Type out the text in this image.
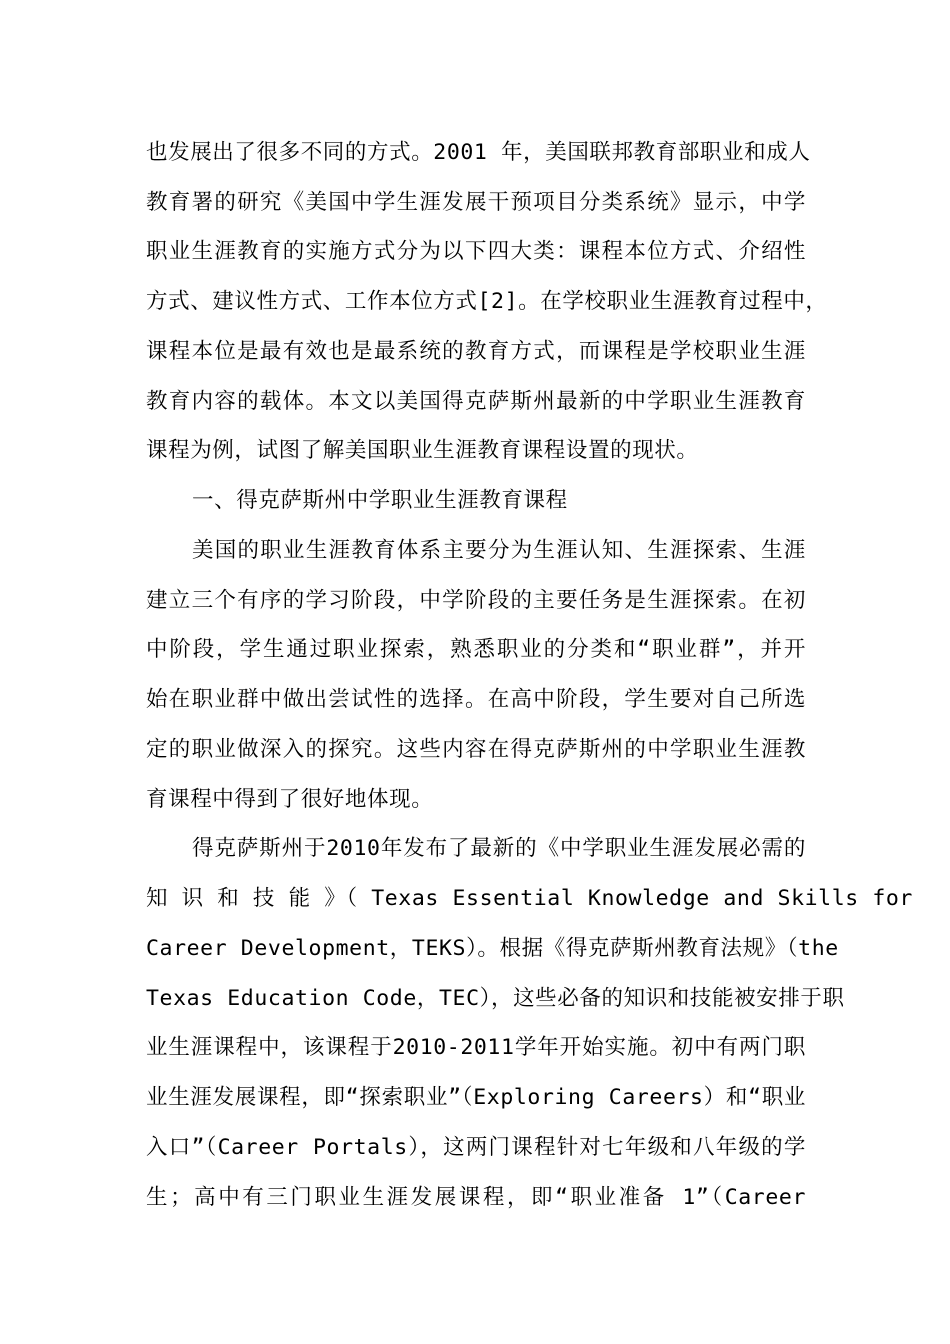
也发展出了很多不同的方式。2001 年，美国联邦教育部职业和成人
教育署的研究《美国中学生涯发展干预项目分类系统》显示，中学
职业生涯教育的实施方式分为以下四大类：课程本位方式、介绍性
方式、建议性方式、工作本位方式[2]。在学校职业生涯教育过程中，
课程本位是最有效也是最系统的教育方式，而课程是学校职业生涯
教育内容的载体。本文以美国得克萨斯州最新的中学职业生涯教育
课程为例，试图了解美国职业生涯教育课程设置的现状。
一、得克萨斯州中学职业生涯教育课程
美国的职业生涯教育体系主要分为生涯认知、生涯探索、生涯
建立三个有序的学习阶段，中学阶段的主要任务是生涯探索。在初
中阶段，学生通过职业探索，熟悉职业的分类和“职业群”，并开
始在职业群中做出尝试性的选择。在高中阶段，学生要对自己所选
定的职业做深入的探究。这些内容在得克萨斯州的中学职业生涯教
育课程中得到了很好地体现。
得克萨斯州于2010年发布了最新的《中学职业生涯发展必需的
知 识 和 技 能 》（ Texas Essential Knowledge and Skills for
Career Development，TEKS）。根据《得克萨斯州教育法规》（the
Texas Education Code，TEC），这些必备的知识和技能被安排于职
业生涯课程中，该课程于2010-2011学年开始实施。初中有两门职
业生涯发展课程，即“探索职业”（Exploring Careers）和“职业
入口”（Career Portals），这两门课程针对七年级和八年级的学
生；高中有三门职业生涯发展课程，即“职业准备 1”（Career
